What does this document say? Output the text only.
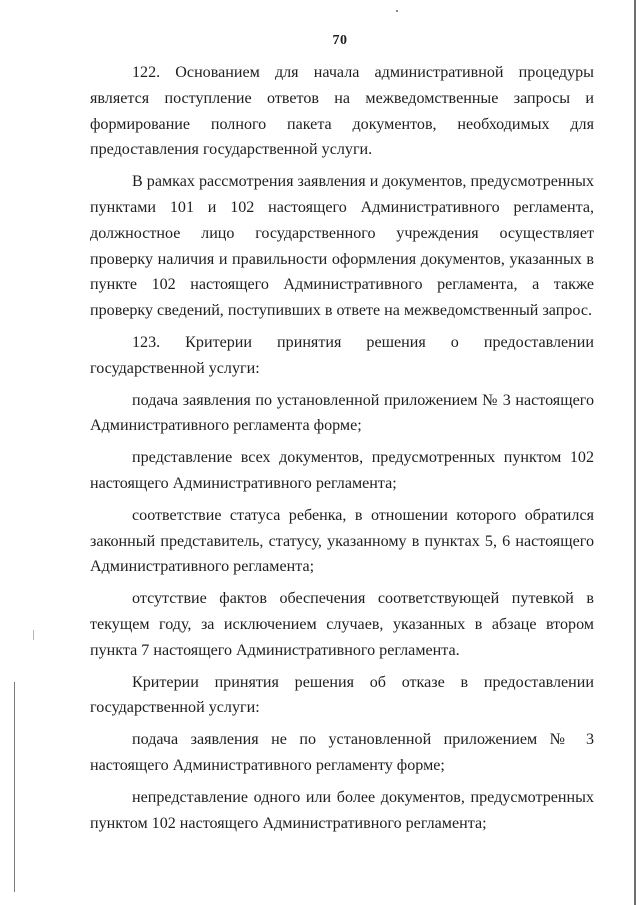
70

122. Основанием для начала административной процедуры является поступление ответов на межведомственные запросы и формирование полного пакета документов, необходимых для предоставления государственной услуги.

В рамках рассмотрения заявления и документов, предусмотренных пунктами 101 и 102 настоящего Административного регламента, должностное лицо государственного учреждения осуществляет проверку наличия и правильности оформления документов, указанных в пункте 102 настоящего Административного регламента, а также проверку сведений, поступивших в ответе на межведомственный запрос.

123. Критерии принятия решения о предоставлении государственной услуги:

подача заявления по установленной приложением № 3 настоящего Административного регламента форме;

представление всех документов, предусмотренных пунктом 102 настоящего Административного регламента;

соответствие статуса ребенка, в отношении которого обратился законный представитель, статусу, указанному в пунктах 5, 6 настоящего Административного регламента;

отсутствие фактов обеспечения соответствующей путевкой в текущем году, за исключением случаев, указанных в абзаце втором пункта 7 настоящего Административного регламента.

Критерии принятия решения об отказе в предоставлении государственной услуги:

подача заявления не по установленной приложением № 3 настоящего Административного регламенту форме;

непредставление одного или более документов, предусмотренных пунктом 102 настоящего Административного регламента;
